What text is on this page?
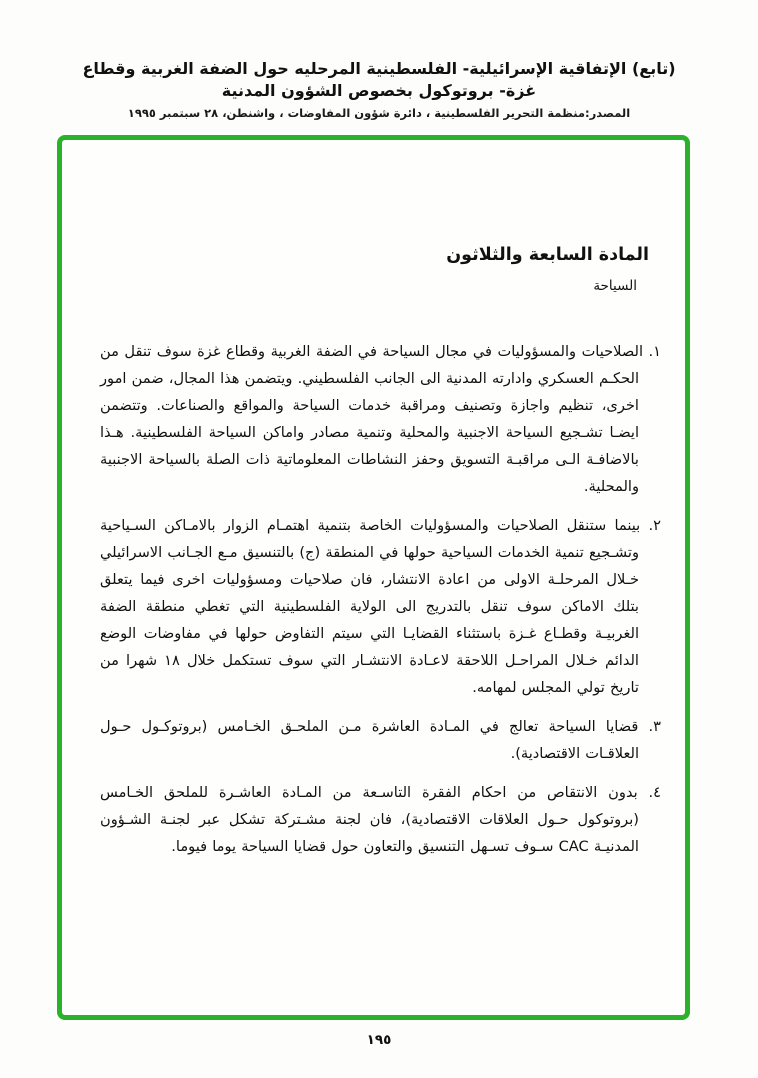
(تابع) الإتفاقية الإسرائيلية- الفلسطينية المرحليه حول الضفة الغربية وقطاع غزة- بروتوكول بخصوص الشؤون المدنية
المصدر:منظمة التحرير الفلسطينية ، دائرة شؤون المفاوضات ، واشنطن، ٢٨ سبتمبر ١٩٩٥
المادة السابعة والثلاثون
السياحة
١. الصلاحيات والمسؤوليات في مجال السياحة في الضفة الغربية وقطاع غزة سوف تنقل من الحكـم العسكري وادارته المدنية الى الجانب الفلسطيني. ويتضمن هذا المجال، ضمن امور اخرى، تنظيم واجازة وتصنيف ومراقبة خدمات السياحة والمواقع والصناعات. وتتضمن ايضـا تشـجيع السياحة الاجنبية والمحلية وتنمية مصادر واماكن السياحة الفلسطينية. هـذا بالاضافـة الـى مراقبـة التسويق وحفز النشاطات المعلوماتية ذات الصلة بالسياحة الاجنبية والمحلية.
٢. بينما ستنقل الصلاحيات والمسؤوليات الخاصة بتنمية اهتمـام الزوار بالامـاكن السـياحية وتشـجيع تنمية الخدمات السياحية حولها في المنطقة (ج) بالتنسيق مـع الجـانب الاسرائيلي خـلال المرحلـة الاولى من اعادة الانتشار، فان صلاحيات ومسؤوليات اخرى فيما يتعلق بتلك الاماكن سوف تنقل بالتدريج الى الولاية الفلسطينية التي تغطي منطقة الضفة الغربيـة وقطـاع غـزة باستثناء القضايـا التي سيتم التفاوض حولها في مفاوضات الوضع الدائم خـلال المراحـل اللاحقة لاعـادة الانتشـار التي سوف تستكمل خلال ١٨ شهرا من تاريخ تولي المجلس لمهامه.
٣. قضايا السياحة تعالج في المـادة العاشرة مـن الملحـق الخـامس (بروتوكـول حـول العلاقـات الاقتصادية).
٤. بدون الانتقاص من احكام الفقرة التاسـعة من المـادة العاشـرة للملحق الخـامس (بروتوكول حـول العلاقات الاقتصادية)، فان لجنة مشـتركة تشكل عبر لجنـة الشـؤون المدنيـة CAC سـوف تسـهل التنسيق والتعاون حول قضايا السياحة يوما فيوما.
١٩٥
